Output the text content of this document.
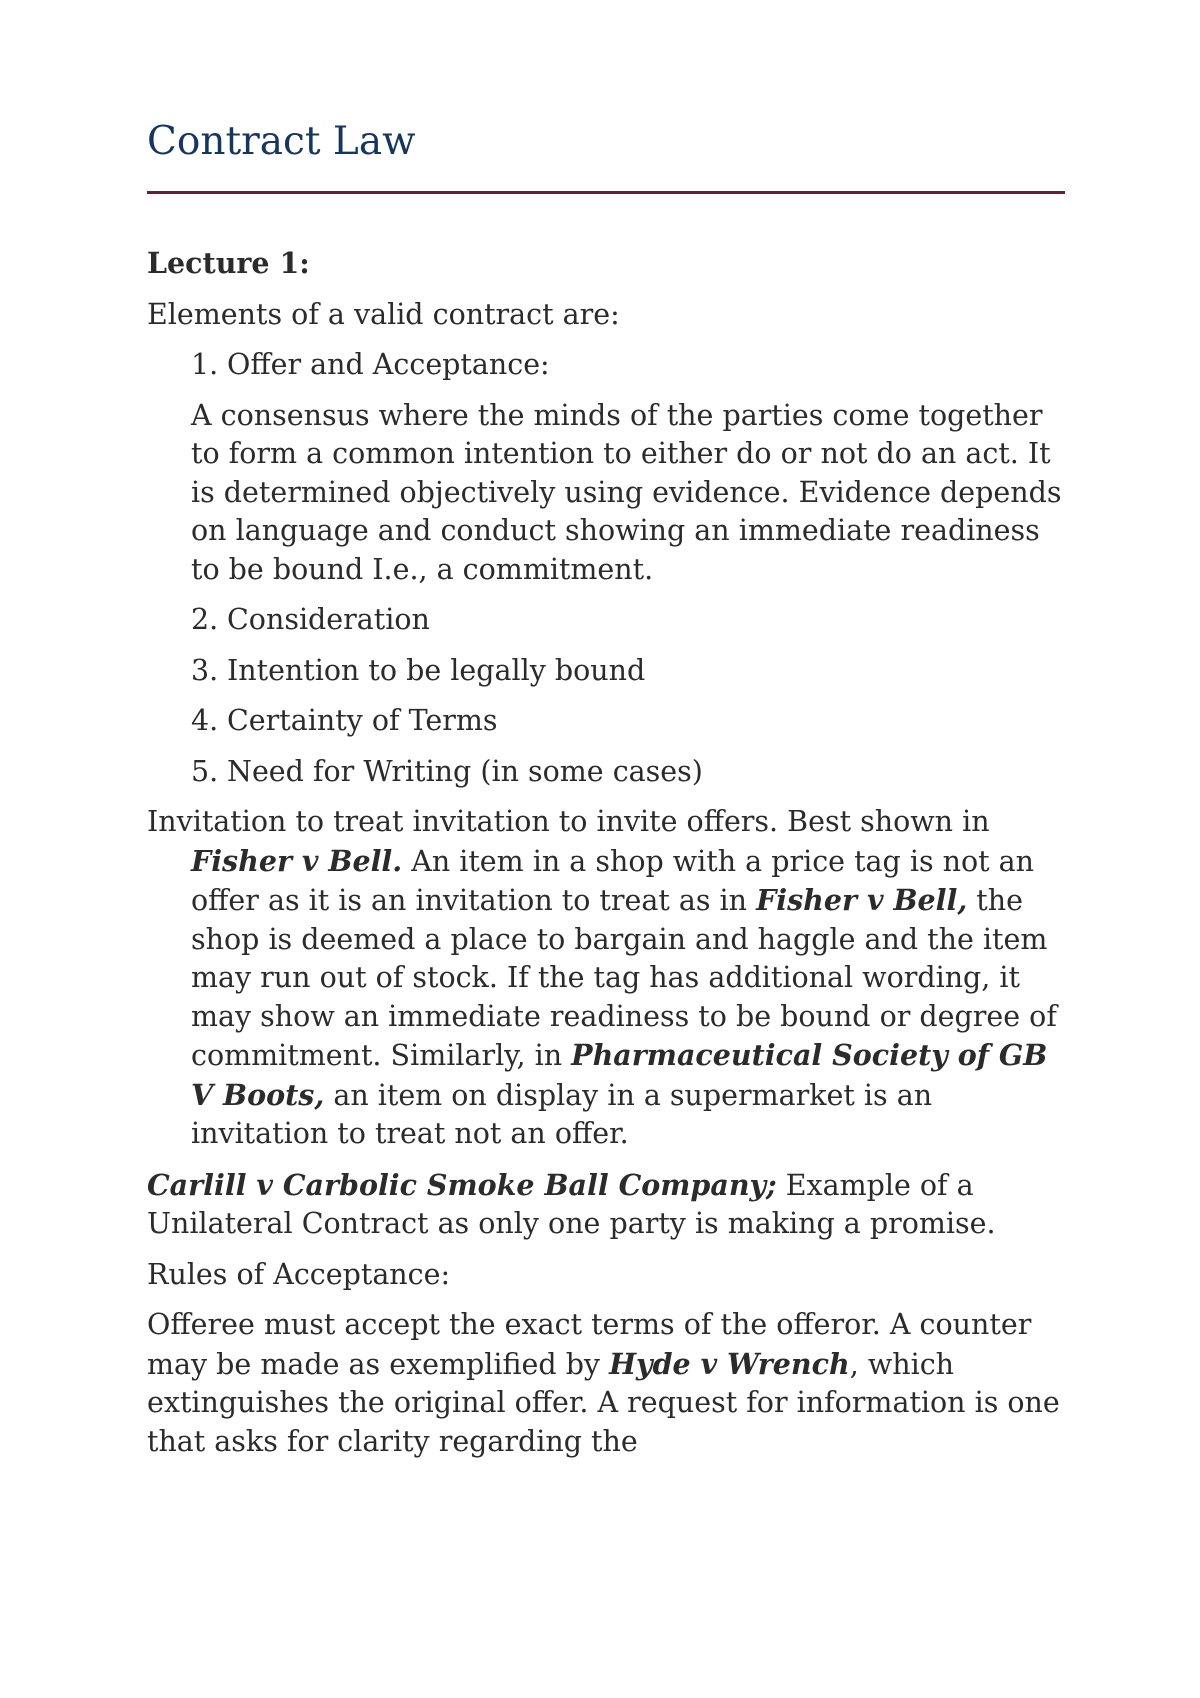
Contract Law

Lecture 1:

Elements of a valid contract are:

1. Offer and Acceptance:

A consensus where the minds of the parties come together to form a common intention to either do or not do an act. It is determined objectively using evidence. Evidence depends on language and conduct showing an immediate readiness to be bound I.e., a commitment.

2. Consideration

3. Intention to be legally bound

4. Certainty of Terms

5. Need for Writing (in some cases)

Invitation to treat invitation to invite offers. Best shown in Fisher v Bell. An item in a shop with a price tag is not an offer as it is an invitation to treat as in Fisher v Bell, the shop is deemed a place to bargain and haggle and the item may run out of stock. If the tag has additional wording, it may show an immediate readiness to be bound or degree of commitment. Similarly, in Pharmaceutical Society of GB V Boots, an item on display in a supermarket is an invitation to treat not an offer.

Carlill v Carbolic Smoke Ball Company; Example of a Unilateral Contract as only one party is making a promise.

Rules of Acceptance:

Offeree must accept the exact terms of the offeror. A counter may be made as exemplified by Hyde v Wrench, which extinguishes the original offer. A request for information is one that asks for clarity regarding the
